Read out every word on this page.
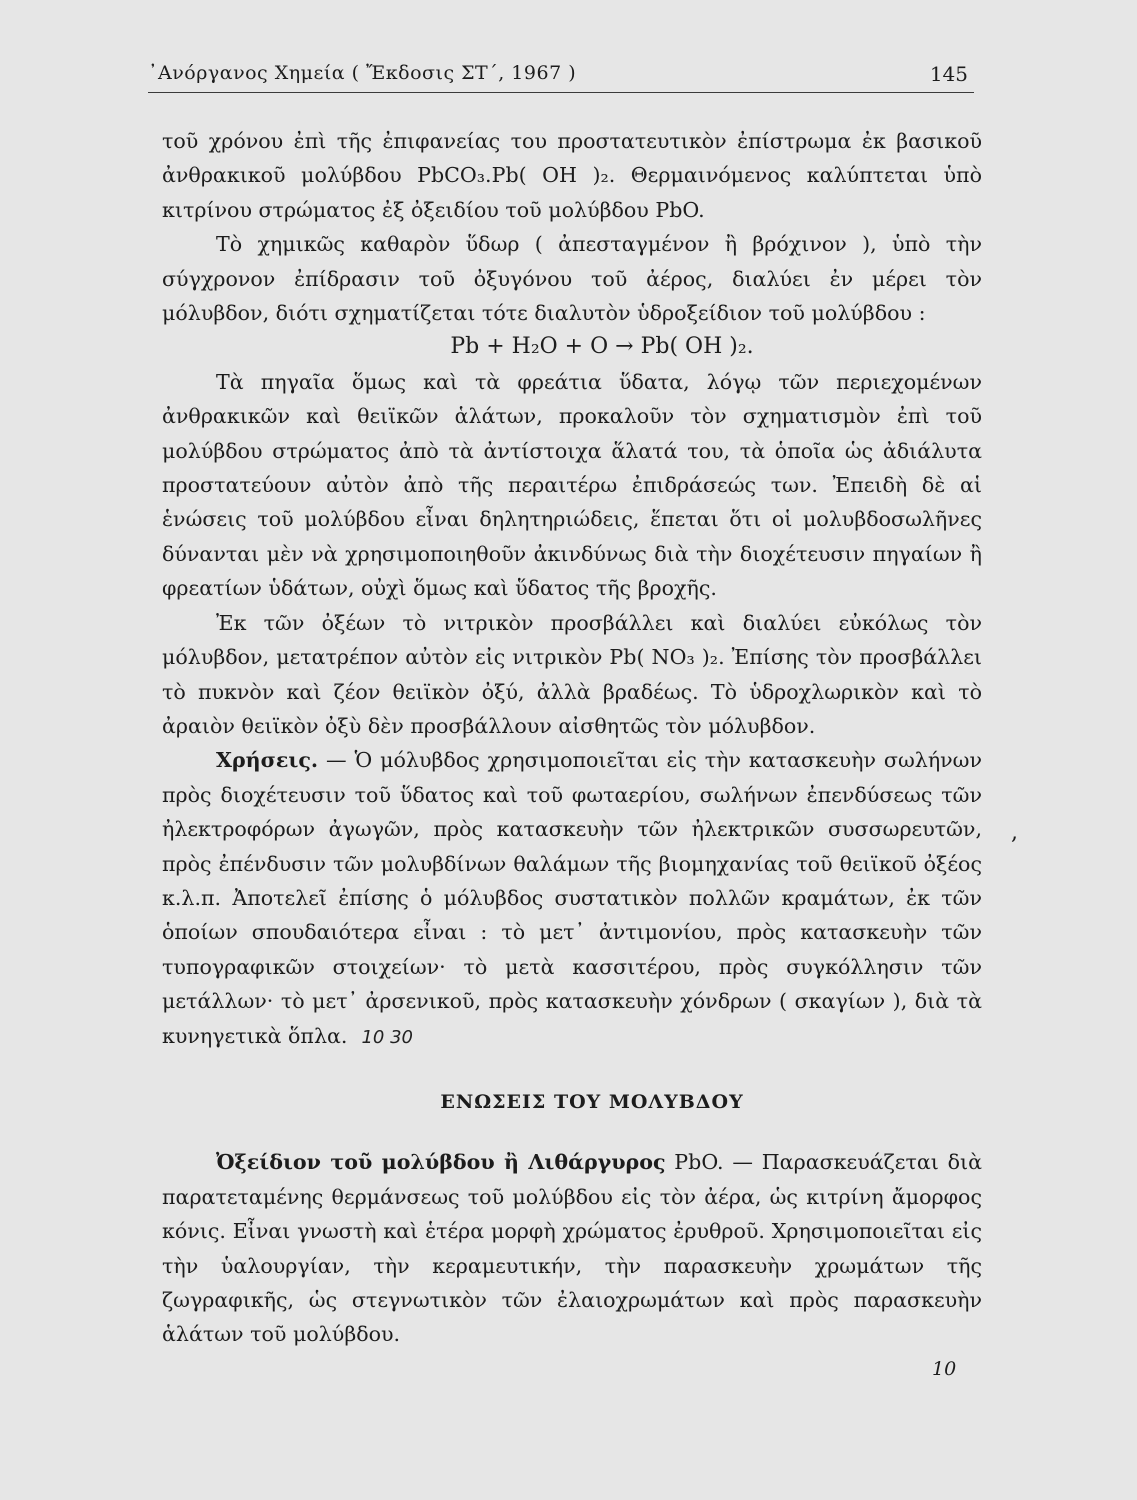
᾿Ανόργανος Χημεία ( Ἔκδοσις ΣΤ΄, 1967 )	145

τοῦ χρόνου ἐπὶ τῆς ἐπιφανείας του προστατευτικὸν ἐπίστρωμα ἐκ βασικοῦ ἀνθρακικοῦ μολύβδου PbCO₃.Pb( OH )₂. Θερμαινόμενος καλύπτεται ὑπὸ κιτρίνου στρώματος ἐξ ὀξειδίου τοῦ μολύβδου PbO.

Τὸ χημικῶς καθαρὸν ὕδωρ ( ἀπεσταγμένον ἢ βρόχινον ), ὑπὸ τὴν σύγχρονον ἐπίδρασιν τοῦ ὀξυγόνου τοῦ ἀέρος, διαλύει ἐν μέρει τὸν μόλυβδον, διότι σχηματίζεται τότε διαλυτὸν ὑδροξείδιον τοῦ μολύβδου :

Pb + H₂O + O → Pb( OH )₂.

Τὰ πηγαῖα ὅμως καὶ τὰ φρεάτια ὕδατα, λόγῳ τῶν περιεχομένων ἀνθρακικῶν καὶ θειϊκῶν ἁλάτων, προκαλοῦν τὸν σχηματισμὸν ἐπὶ τοῦ μολύβδου στρώματος ἀπὸ τὰ ἀντίστοιχα ἅλατά του, τὰ ὁποῖα ὡς ἀδιάλυτα προστατεύουν αὐτὸν ἀπὸ τῆς περαιτέρω ἐπιδράσεώς των. Ἐπειδὴ δὲ αἱ ἑνώσεις τοῦ μολύβδου εἶναι δηλητηριώδεις, ἕπεται ὅτι οἱ μολυβδοσωλῆνες δύνανται μὲν νὰ χρησιμοποιηθοῦν ἀκινδύνως διὰ τὴν διοχέτευσιν πηγαίων ἢ φρεατίων ὑδάτων, οὐχὶ ὅμως καὶ ὕδατος τῆς βροχῆς.

Ἐκ τῶν ὀξέων τὸ νιτρικὸν προσβάλλει καὶ διαλύει εὐκόλως τὸν μόλυβδον, μετατρέπον αὐτὸν εἰς νιτρικὸν Pb( NO₃ )₂. Ἐπίσης τὸν προσβάλλει τὸ πυκνὸν καὶ ζέον θειϊκὸν ὀξύ, ἀλλὰ βραδέως. Τὸ ὑδροχλωρικὸν καὶ τὸ ἀραιὸν θειϊκὸν ὀξὺ δὲν προσβάλλουν αἰσθητῶς τὸν μόλυβδον.

Χρήσεις. — Ὁ μόλυβδος χρησιμοποιεῖται εἰς τὴν κατασκευὴν σωλήνων πρὸς διοχέτευσιν τοῦ ὕδατος καὶ τοῦ φωταερίου, σωλήνων ἐπενδύσεως τῶν ἠλεκτροφόρων ἀγωγῶν, πρὸς κατασκευὴν τῶν ἠλεκτρικῶν συσσωρευτῶν, πρὸς ἐπένδυσιν τῶν μολυβδίνων θαλάμων τῆς βιομηχανίας τοῦ θειϊκοῦ ὀξέος κ.λ.π. Ἀποτελεῖ ἐπίσης ὁ μόλυβδος συστατικὸν πολλῶν κραμάτων, ἐκ τῶν ὁποίων σπουδαιότερα εἶναι : τὸ μετ᾽ ἀντιμονίου, πρὸς κατασκευὴν τῶν τυπογραφικῶν στοιχείων· τὸ μετὰ κασσιτέρου, πρὸς συγκόλλησιν τῶν μετάλλων· τὸ μετ᾽ ἀρσενικοῦ, πρὸς κατασκευὴν χόνδρων ( σκαγίων ), διὰ τὰ κυνηγετικὰ ὅπλα. 10 30

ΕΝΩΣΕΙΣ ΤΟΥ ΜΟΛΥΒΔΟΥ

Ὀξείδιον τοῦ μολύβδου ἢ Λιθάργυρος PbO. — Παρασκευάζεται διὰ παρατεταμένης θερμάνσεως τοῦ μολύβδου εἰς τὸν ἀέρα, ὡς κιτρίνη ἄμορφος κόνις. Εἶναι γνωστὴ καὶ ἑτέρα μορφὴ χρώματος ἐρυθροῦ. Χρησιμοποιεῖται εἰς τὴν ὑαλουργίαν, τὴν κεραμευτικήν, τὴν παρασκευὴν χρωμάτων τῆς ζωγραφικῆς, ὡς στεγνωτικὸν τῶν ἐλαιοχρωμάτων καὶ πρὸς παρασκευὴν ἁλάτων τοῦ μολύβδου.

,
10
